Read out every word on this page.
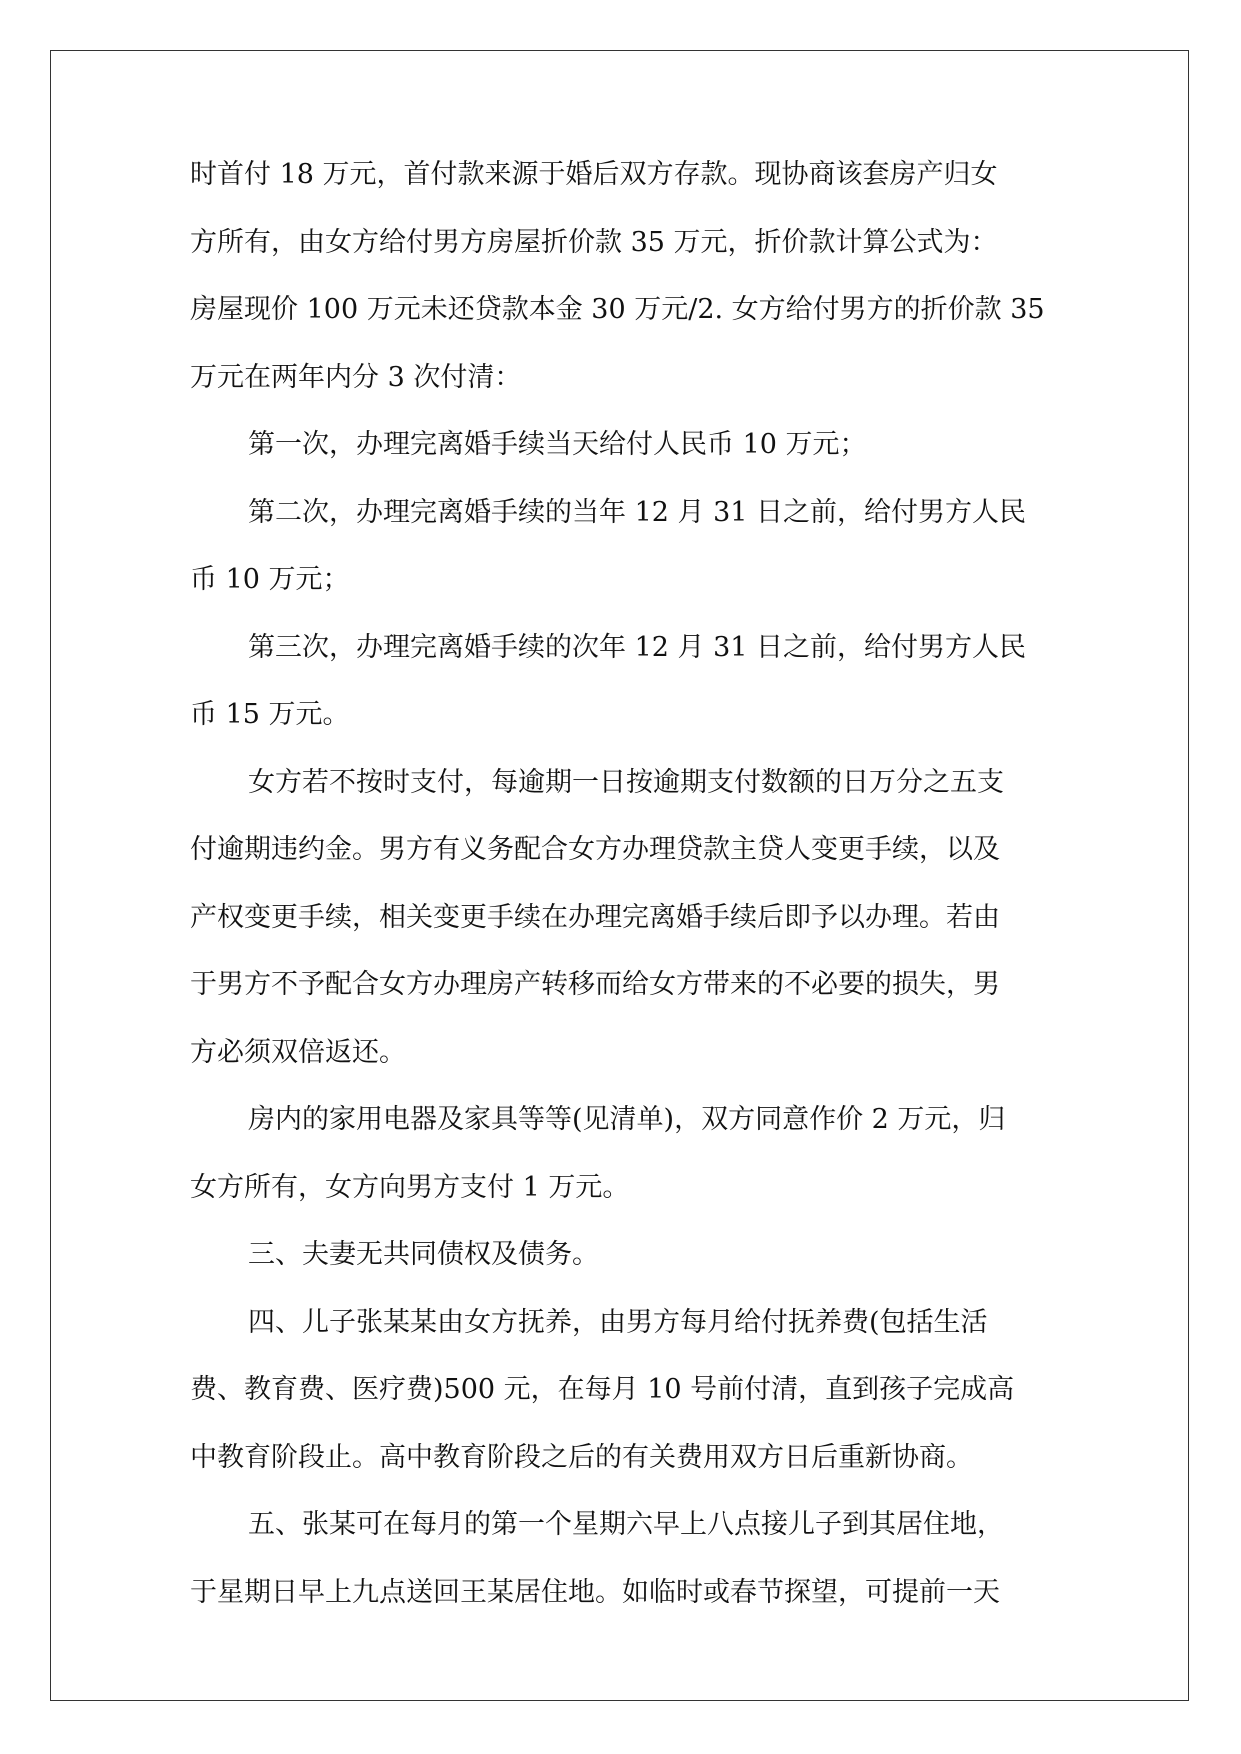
时首付 18 万元，首付款来源于婚后双方存款。现协商该套房产归女
方所有，由女方给付男方房屋折价款 35 万元，折价款计算公式为：
房屋现价 100 万元未还贷款本金 30 万元/2. 女方给付男方的折价款 35
万元在两年内分 3 次付清：
第一次，办理完离婚手续当天给付人民币 10 万元；
第二次，办理完离婚手续的当年 12 月 31 日之前，给付男方人民
币 10 万元；
第三次，办理完离婚手续的次年 12 月 31 日之前，给付男方人民
币 15 万元。
女方若不按时支付，每逾期一日按逾期支付数额的日万分之五支
付逾期违约金。男方有义务配合女方办理贷款主贷人变更手续，以及
产权变更手续，相关变更手续在办理完离婚手续后即予以办理。若由
于男方不予配合女方办理房产转移而给女方带来的不必要的损失，男
方必须双倍返还。
房内的家用电器及家具等等(见清单)，双方同意作价 2 万元，归
女方所有，女方向男方支付 1 万元。
三、夫妻无共同债权及债务。
四、儿子张某某由女方抚养，由男方每月给付抚养费(包括生活
费、教育费、医疗费)500 元，在每月 10 号前付清，直到孩子完成高
中教育阶段止。高中教育阶段之后的有关费用双方日后重新协商。
五、张某可在每月的第一个星期六早上八点接儿子到其居住地，
于星期日早上九点送回王某居住地。如临时或春节探望，可提前一天
